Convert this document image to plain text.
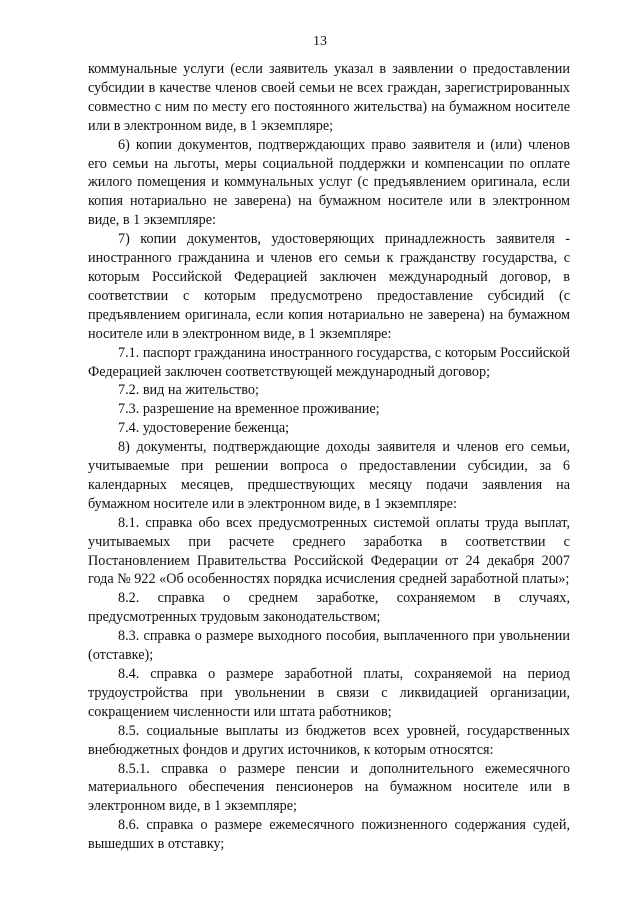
13

коммунальные услуги (если заявитель указал в заявлении о предоставлении субсидии в качестве членов своей семьи не всех граждан, зарегистрированных совместно с ним по месту его постоянного жительства) на бумажном носителе или в электронном виде, в 1 экземпляре;

6) копии документов, подтверждающих право заявителя и (или) членов его семьи на льготы, меры социальной поддержки и компенсации по оплате жилого помещения и коммунальных услуг (с предъявлением оригинала, если копия нотариально не заверена) на бумажном носителе или в электронном виде, в 1 экземпляре:

7) копии документов, удостоверяющих принадлежность заявителя - иностранного гражданина и членов его семьи к гражданству государства, с которым Российской Федерацией заключен международный договор, в соответствии с которым предусмотрено предоставление субсидий (с предъявлением оригинала, если копия нотариально не заверена) на бумажном носителе или в электронном виде, в 1 экземпляре:

7.1. паспорт гражданина иностранного государства, с которым Российской Федерацией заключен соответствующей международный договор;

7.2. вид на жительство;

7.3. разрешение на временное проживание;

7.4. удостоверение беженца;

8) документы, подтверждающие доходы заявителя и членов его семьи, учитываемые при решении вопроса о предоставлении субсидии, за 6 календарных месяцев, предшествующих месяцу подачи заявления на бумажном носителе или в электронном виде, в 1 экземпляре:

8.1. справка обо всех предусмотренных системой оплаты труда выплат, учитываемых при расчете среднего заработка в соответствии с Постановлением Правительства Российской Федерации от 24 декабря 2007 года № 922 «Об особенностях порядка исчисления средней заработной платы»;

8.2. справка о среднем заработке, сохраняемом в случаях, предусмотренных трудовым законодательством;

8.3. справка о размере выходного пособия, выплаченного при увольнении (отставке);

8.4. справка о размере заработной платы, сохраняемой на период трудоустройства при увольнении в связи с ликвидацией организации, сокращением численности или штата работников;

8.5. социальные выплаты из бюджетов всех уровней, государственных внебюджетных фондов и других источников, к которым относятся:

8.5.1. справка о размере пенсии и дополнительного ежемесячного материального обеспечения пенсионеров на бумажном носителе или в электронном виде, в 1 экземпляре;

8.6. справка о размере ежемесячного пожизненного содержания судей, вышедших в отставку;
